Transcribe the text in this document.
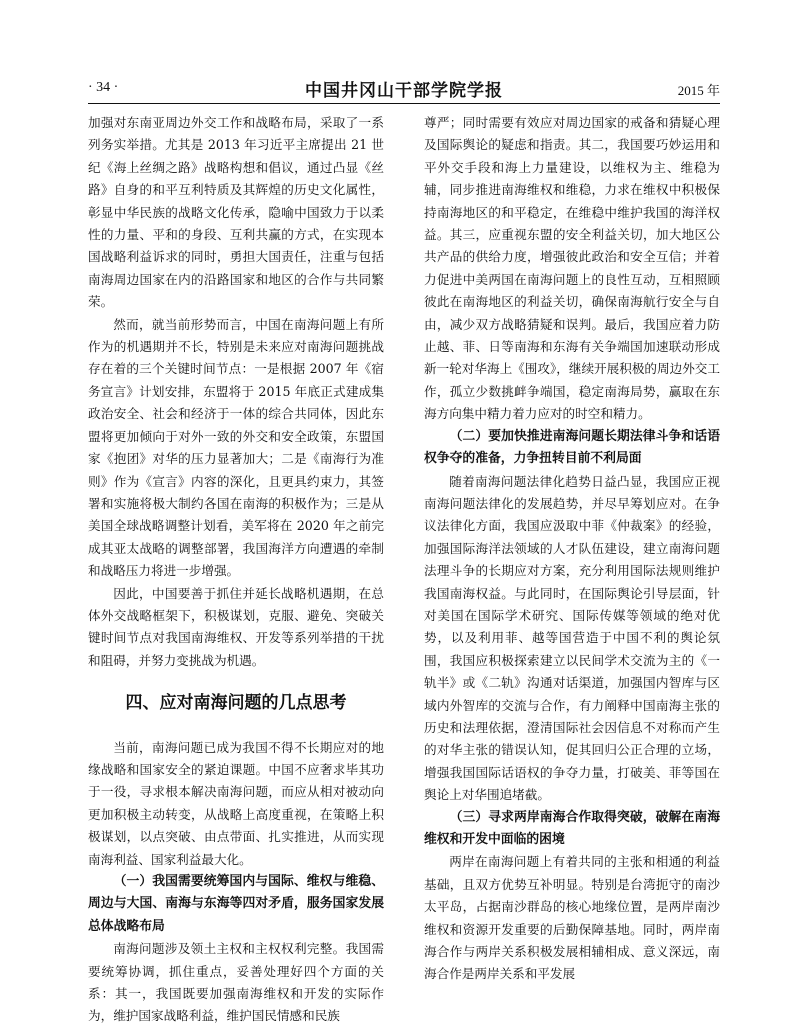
· 34 ·	中国井冈山干部学院学报	2015 年

加强对东南亚周边外交工作和战略布局，采取了一系列务实举措。尤其是 2013 年习近平主席提出 21 世纪《海上丝绸之路》战略构想和倡议，通过凸显《丝路》自身的和平互利特质及其辉煌的历史文化属性，彰显中华民族的战略文化传承，隐喻中国致力于以柔性的力量、平和的身段、互利共赢的方式，在实现本国战略利益诉求的同时，勇担大国责任，注重与包括南海周边国家在内的沿路国家和地区的合作与共同繁荣。

然而，就当前形势而言，中国在南海问题上有所作为的机遇期并不长，特别是未来应对南海问题挑战存在着的三个关键时间节点：一是根据 2007 年《宿务宣言》计划安排，东盟将于 2015 年底正式建成集政治安全、社会和经济于一体的综合共同体，因此东盟将更加倾向于对外一致的外交和安全政策，东盟国家《抱团》对华的压力显著加大；二是《南海行为准则》作为《宣言》内容的深化，且更具约束力，其签署和实施将极大制约各国在南海的积极作为；三是从美国全球战略调整计划看，美军将在 2020 年之前完成其亚太战略的调整部署，我国海洋方向遭遇的牵制和战略压力将进一步增强。

因此，中国要善于抓住并延长战略机遇期，在总体外交战略框架下，积极谋划，克服、避免、突破关键时间节点对我国南海维权、开发等系列举措的干扰和阻碍，并努力变挑战为机遇。

四、应对南海问题的几点思考

当前，南海问题已成为我国不得不长期应对的地缘战略和国家安全的紧迫课题。中国不应奢求毕其功于一役，寻求根本解决南海问题，而应从相对被动向更加积极主动转变，从战略上高度重视，在策略上积极谋划，以点突破、由点带面、扎实推进，从而实现南海利益、国家利益最大化。

（一）我国需要统筹国内与国际、维权与维稳、周边与大国、南海与东海等四对矛盾，服务国家发展总体战略布局

南海问题涉及领土主权和主权权利完整。我国需要统筹协调，抓住重点，妥善处理好四个方面的关系：其一，我国既要加强南海维权和开发的实际作为，维护国家战略利益，维护国民情感和民族

尊严；同时需要有效应对周边国家的戒备和猜疑心理及国际舆论的疑虑和指责。其二，我国要巧妙运用和平外交手段和海上力量建设，以维权为主、维稳为辅，同步推进南海维权和维稳，力求在维权中积极保持南海地区的和平稳定，在维稳中维护我国的海洋权益。其三，应重视东盟的安全利益关切，加大地区公共产品的供给力度，增强彼此政治和安全互信；并着力促进中美两国在南海问题上的良性互动，互相照顾彼此在南海地区的利益关切，确保南海航行安全与自由，减少双方战略猜疑和误判。最后，我国应着力防止越、菲、日等南海和东海有关争端国加速联动形成新一轮对华海上《围攻》，继续开展积极的周边外交工作，孤立少数挑衅争端国，稳定南海局势，赢取在东海方向集中精力着力应对的时空和精力。

（二）要加快推进南海问题长期法律斗争和话语权争夺的准备，力争扭转目前不利局面

随着南海问题法律化趋势日益凸显，我国应正视南海问题法律化的发展趋势，并尽早筹划应对。在争议法律化方面，我国应汲取中菲《仲裁案》的经验，加强国际海洋法领域的人才队伍建设，建立南海问题法理斗争的长期应对方案，充分利用国际法规则维护我国南海权益。与此同时，在国际舆论引导层面，针对美国在国际学术研究、国际传媒等领域的绝对优势，以及利用菲、越等国营造于中国不利的舆论氛围，我国应积极探索建立以民间学术交流为主的《一轨半》或《二轨》沟通对话渠道，加强国内智库与区域内外智库的交流与合作，有力阐释中国南海主张的历史和法理依据，澄清国际社会因信息不对称而产生的对华主张的错误认知，促其回归公正合理的立场，增强我国国际话语权的争夺力量，打破美、菲等国在舆论上对华围追堵截。

（三）寻求两岸南海合作取得突破，破解在南海维权和开发中面临的困境

两岸在南海问题上有着共同的主张和相通的利益基础，且双方优势互补明显。特别是台湾扼守的南沙太平岛，占据南沙群岛的核心地缘位置，是两岸南沙维权和资源开发重要的后勤保障基地。同时，两岸南海合作与两岸关系积极发展相辅相成、意义深远，南海合作是两岸关系和平发展
